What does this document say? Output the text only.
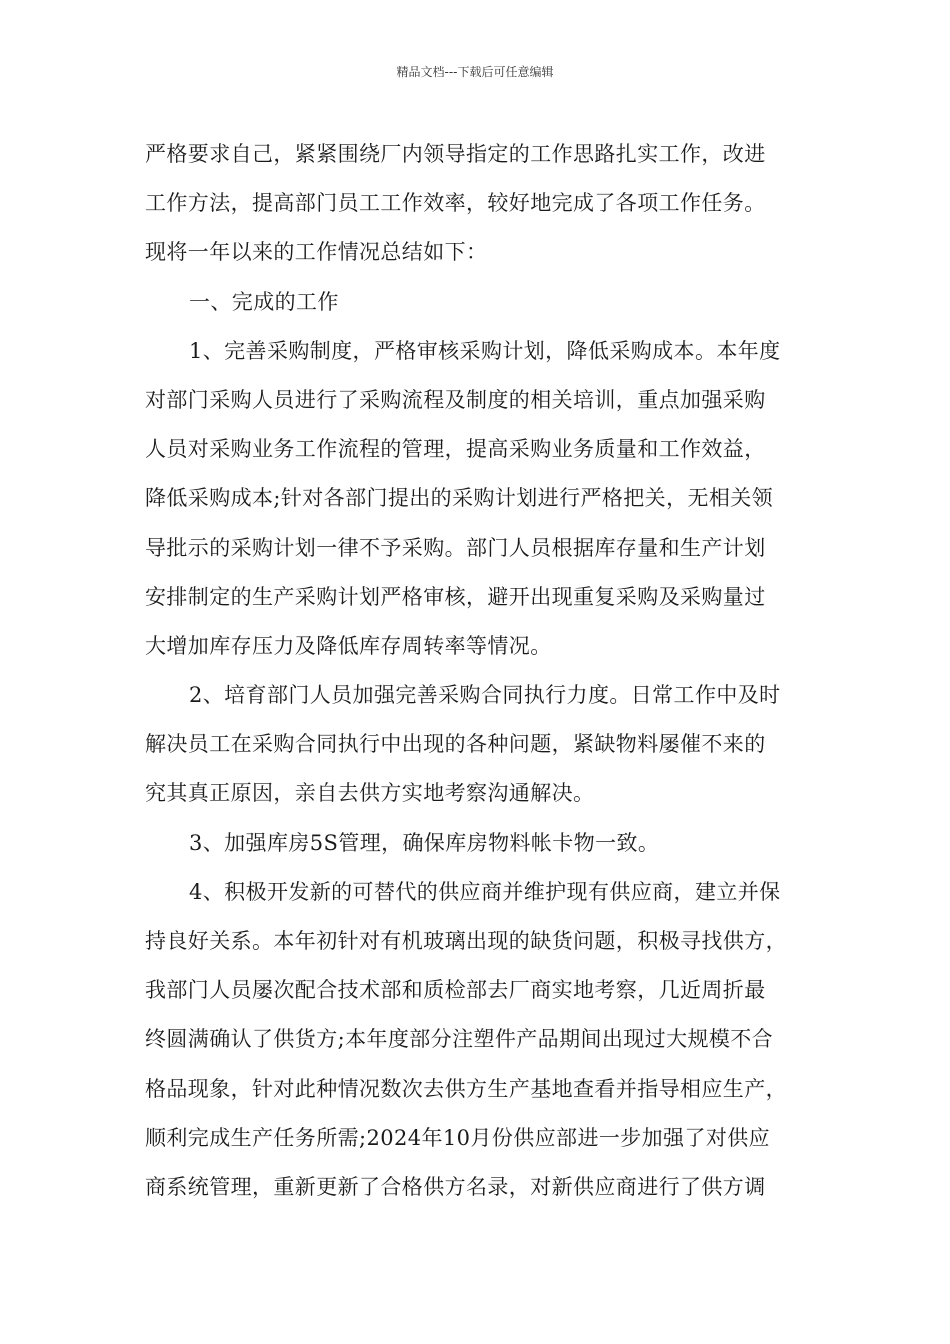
精品文档---下载后可任意编辑
严格要求自己，紧紧围绕厂内领导指定的工作思路扎实工作，改进
工作方法，提高部门员工工作效率，较好地完成了各项工作任务。
现将一年以来的工作情况总结如下：
一、完成的工作
1、完善采购制度，严格审核采购计划，降低采购成本。本年度
对部门采购人员进行了采购流程及制度的相关培训，重点加强采购
人员对采购业务工作流程的管理，提高采购业务质量和工作效益，
降低采购成本;针对各部门提出的采购计划进行严格把关，无相关领
导批示的采购计划一律不予采购。部门人员根据库存量和生产计划
安排制定的生产采购计划严格审核，避开出现重复采购及采购量过
大增加库存压力及降低库存周转率等情况。
2、培育部门人员加强完善采购合同执行力度。日常工作中及时
解决员工在采购合同执行中出现的各种问题，紧缺物料屡催不来的
究其真正原因，亲自去供方实地考察沟通解决。
3、加强库房5S管理，确保库房物料帐卡物一致。
4、积极开发新的可替代的供应商并维护现有供应商，建立并保
持良好关系。本年初针对有机玻璃出现的缺货问题，积极寻找供方，
我部门人员屡次配合技术部和质检部去厂商实地考察，几近周折最
终圆满确认了供货方;本年度部分注塑件产品期间出现过大规模不合
格品现象，针对此种情况数次去供方生产基地查看并指导相应生产，
顺利完成生产任务所需;2024年10月份供应部进一步加强了对供应
商系统管理，重新更新了合格供方名录，对新供应商进行了供方调
